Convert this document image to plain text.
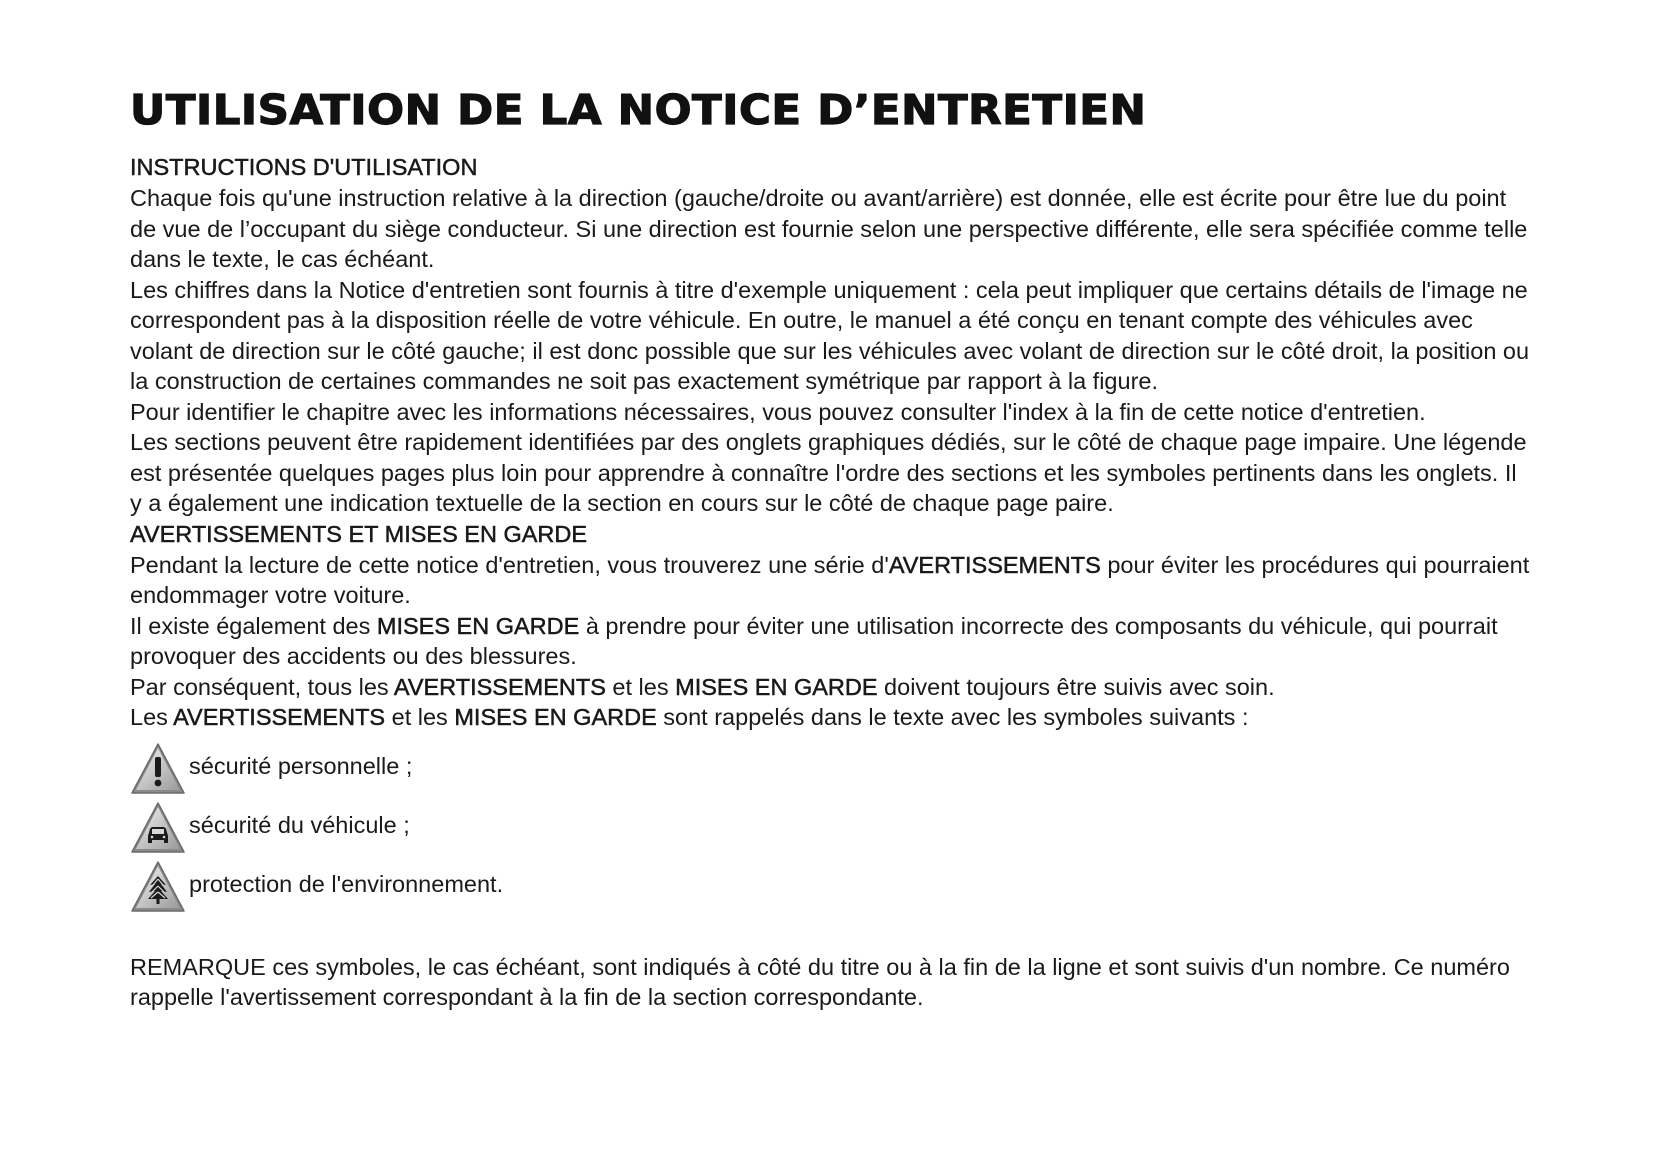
UTILISATION DE LA NOTICE D’ENTRETIEN
INSTRUCTIONS D'UTILISATION

Chaque fois qu'une instruction relative à la direction (gauche/droite ou avant/arrière) est donnée, elle est écrite pour être lue du point de vue de l’occupant du siège conducteur. Si une direction est fournie selon une perspective différente, elle sera spécifiée comme telle dans le texte, le cas échéant.

Les chiffres dans la Notice d'entretien sont fournis à titre d'exemple uniquement : cela peut impliquer que certains détails de l'image ne correspondent pas à la disposition réelle de votre véhicule. En outre, le manuel a été conçu en tenant compte des véhicules avec volant de direction sur le côté gauche; il est donc possible que sur les véhicules avec volant de direction sur le côté droit, la position ou la construction de certaines commandes ne soit pas exactement symétrique par rapport à la figure.

Pour identifier le chapitre avec les informations nécessaires, vous pouvez consulter l'index à la fin de cette notice d'entretien.

Les sections peuvent être rapidement identifiées par des onglets graphiques dédiés, sur le côté de chaque page impaire. Une légende est présentée quelques pages plus loin pour apprendre à connaître l'ordre des sections et les symboles pertinents dans les onglets. Il y a également une indication textuelle de la section en cours sur le côté de chaque page paire.

AVERTISSEMENTS ET MISES EN GARDE

Pendant la lecture de cette notice d'entretien, vous trouverez une série d'AVERTISSEMENTS pour éviter les procédures qui pourraient endommager votre voiture.

Il existe également des MISES EN GARDE à prendre pour éviter une utilisation incorrecte des composants du véhicule, qui pourrait provoquer des accidents ou des blessures.

Par conséquent, tous les AVERTISSEMENTS et les MISES EN GARDE doivent toujours être suivis avec soin.

Les AVERTISSEMENTS et les MISES EN GARDE sont rappelés dans le texte avec les symboles suivants :

sécurité personnelle ;
sécurité du véhicule ;
protection de l'environnement.

REMARQUE ces symboles, le cas échéant, sont indiqués à côté du titre ou à la fin de la ligne et sont suivis d'un nombre. Ce numéro rappelle l'avertissement correspondant à la fin de la section correspondante.
